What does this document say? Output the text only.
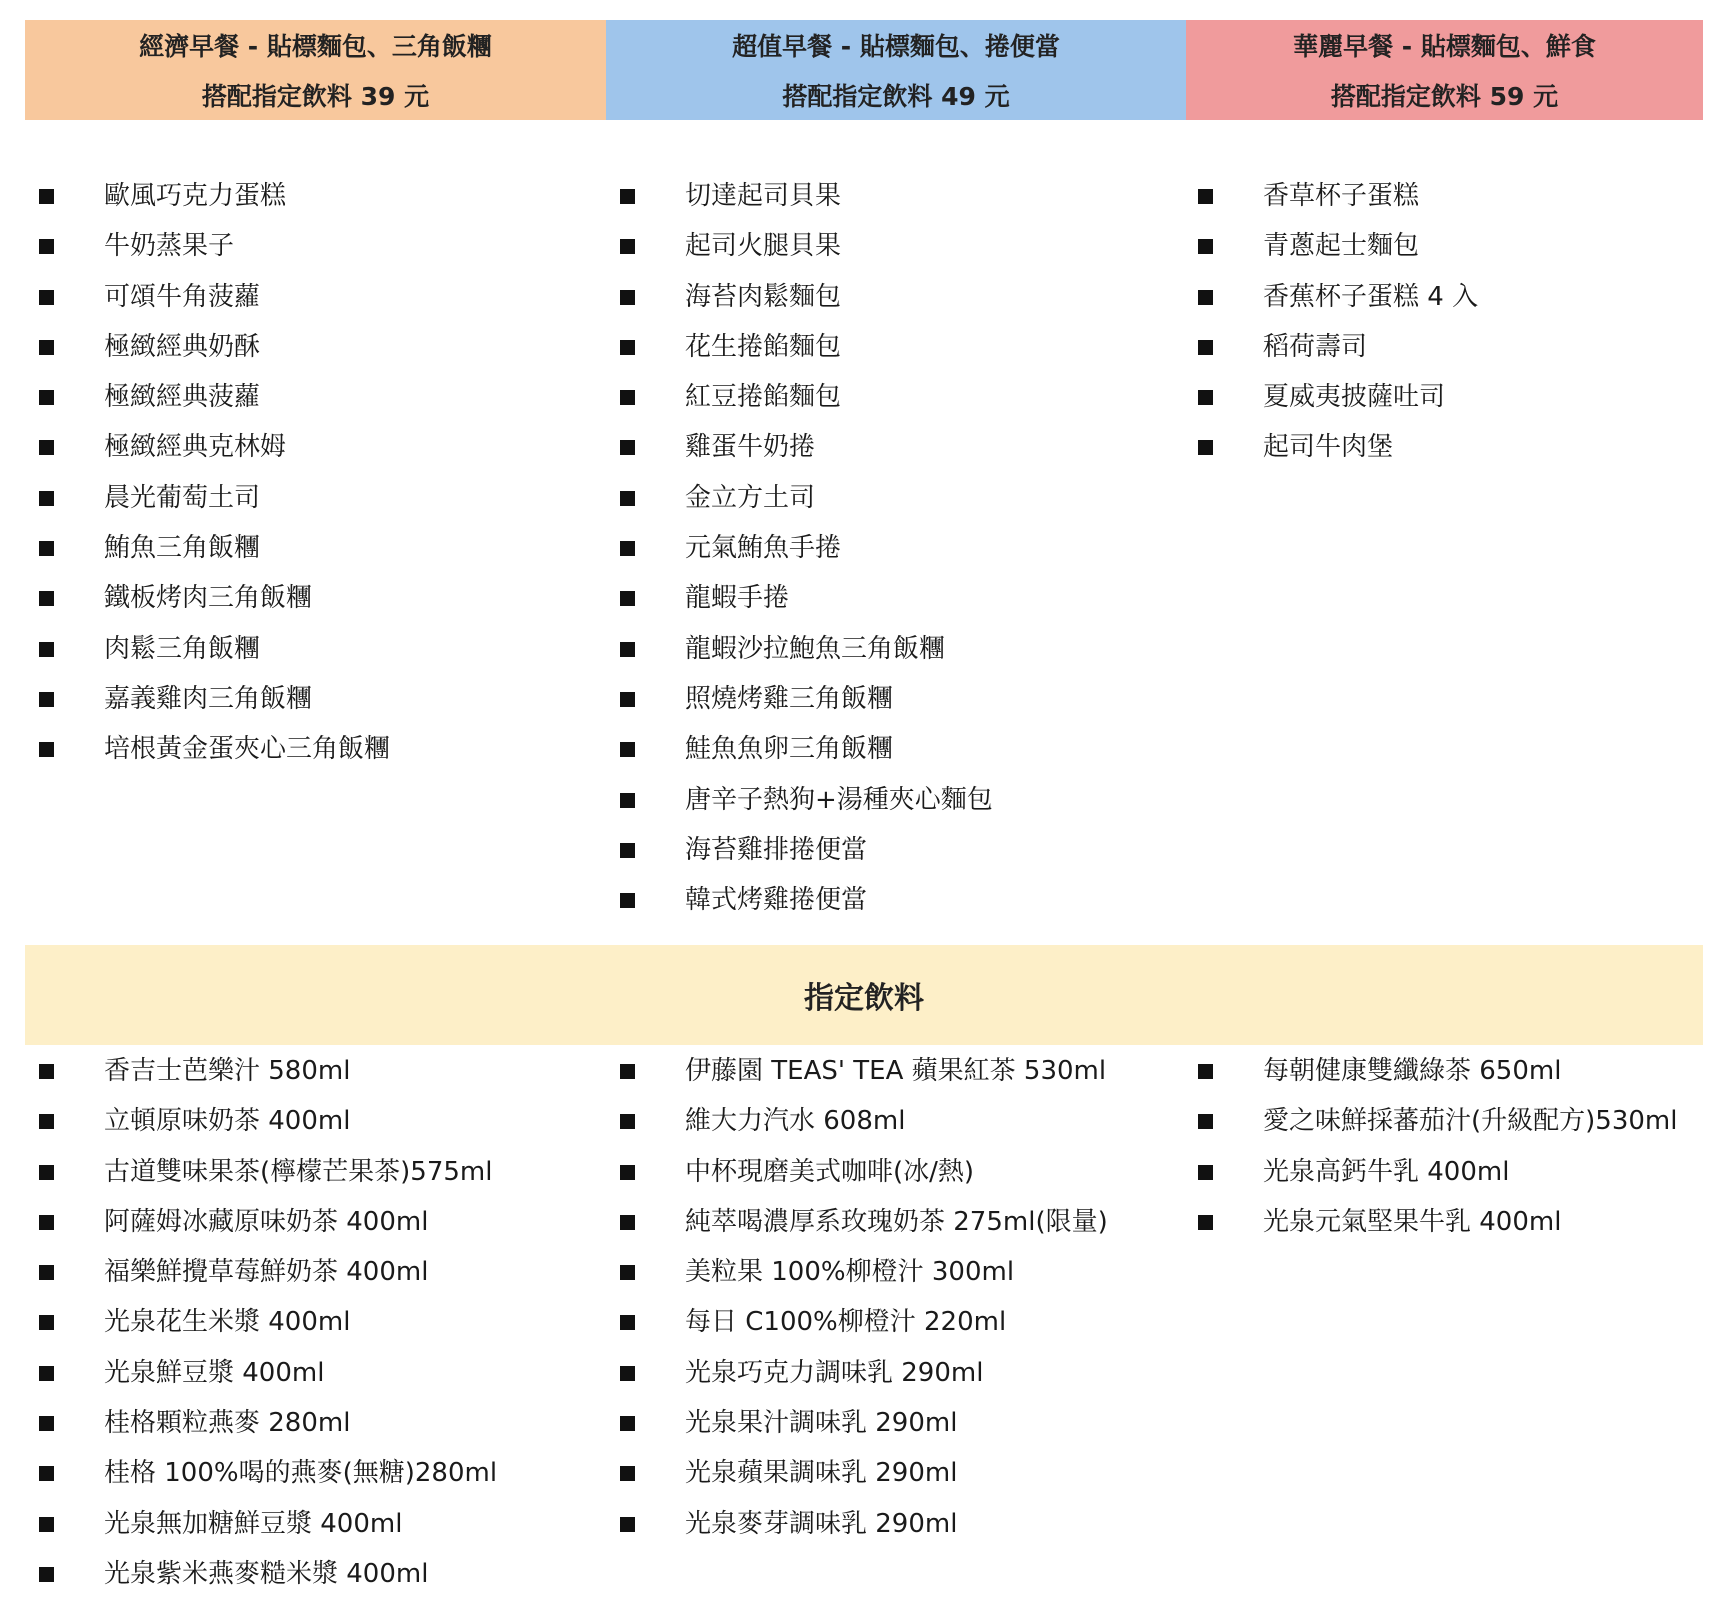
經濟早餐 - 貼標麵包、三角飯糰
搭配指定飲料 39 元
超值早餐 - 貼標麵包、捲便當
搭配指定飲料 49 元
華麗早餐 - 貼標麵包、鮮食
搭配指定飲料 59 元
歐風巧克力蛋糕
牛奶蒸果子
可頌牛角菠蘿
極緻經典奶酥
極緻經典菠蘿
極緻經典克林姆
晨光葡萄土司
鮪魚三角飯糰
鐵板烤肉三角飯糰
肉鬆三角飯糰
嘉義雞肉三角飯糰
培根黃金蛋夾心三角飯糰
切達起司貝果
起司火腿貝果
海苔肉鬆麵包
花生捲餡麵包
紅豆捲餡麵包
雞蛋牛奶捲
金立方土司
元氣鮪魚手捲
龍蝦手捲
龍蝦沙拉鮑魚三角飯糰
照燒烤雞三角飯糰
鮭魚魚卵三角飯糰
唐辛子熱狗+湯種夾心麵包
海苔雞排捲便當
韓式烤雞捲便當
香草杯子蛋糕
青蔥起士麵包
香蕉杯子蛋糕 4 入
稻荷壽司
夏威夷披薩吐司
起司牛肉堡
指定飲料
香吉士芭樂汁 580ml
立頓原味奶茶 400ml
古道雙味果茶(檸檬芒果茶)575ml
阿薩姆冰藏原味奶茶 400ml
福樂鮮攪草莓鮮奶茶 400ml
光泉花生米漿 400ml
光泉鮮豆漿 400ml
桂格顆粒燕麥 280ml
桂格 100%喝的燕麥(無糖)280ml
光泉無加糖鮮豆漿 400ml
光泉紫米燕麥糙米漿 400ml
伊藤園 TEAS' TEA 蘋果紅茶 530ml
維大力汽水 608ml
中杯現磨美式咖啡(冰/熱)
純萃喝濃厚系玫瑰奶茶 275ml(限量)
美粒果 100%柳橙汁 300ml
每日 C100%柳橙汁 220ml
光泉巧克力調味乳 290ml
光泉果汁調味乳 290ml
光泉蘋果調味乳 290ml
光泉麥芽調味乳 290ml
每朝健康雙纖綠茶 650ml
愛之味鮮採蕃茄汁(升級配方)530ml
光泉高鈣牛乳 400ml
光泉元氣堅果牛乳 400ml
